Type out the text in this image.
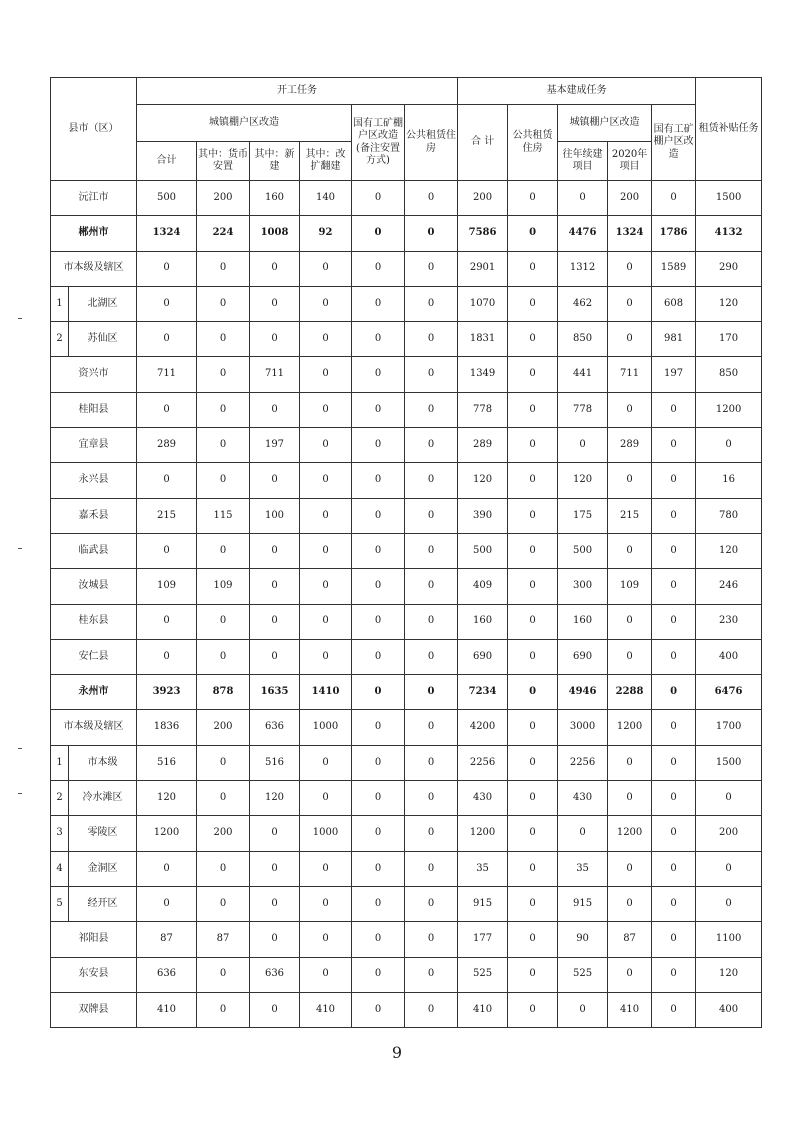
县市（区）		开工任务						基本建成任务					租赁补贴任务
		城镇棚户区改造				国有工矿棚户区改造(备注安置方式)	公共租赁住房	合 计	公共租赁住房	城镇棚户区改造		国有工矿棚户区改造	
		合计	其中：货币安置	其中：新 建	其中：改扩翻建					往年续建项目	2020年项目		
沅江市		500	200	160	140	0	0	200	0	0	200	0	1500
郴州市		1324	224	1008	92	0	0	7586	0	4476	1324	1786	4132
市本级及辖区		0	0	0	0	0	0	2901	0	1312	0	1589	290
1	北湖区	0	0	0	0	0	0	1070	0	462	0	608	120
2	苏仙区	0	0	0	0	0	0	1831	0	850	0	981	170
资兴市		711	0	711	0	0	0	1349	0	441	711	197	850
桂阳县		0	0	0	0	0	0	778	0	778	0	0	1200
宜章县		289	0	197	0	0	0	289	0	0	289	0	0
永兴县		0	0	0	0	0	0	120	0	120	0	0	16
嘉禾县		215	115	100	0	0	0	390	0	175	215	0	780
临武县		0	0	0	0	0	0	500	0	500	0	0	120
汝城县		109	109	0	0	0	0	409	0	300	109	0	246
桂东县		0	0	0	0	0	0	160	0	160	0	0	230
安仁县		0	0	0	0	0	0	690	0	690	0	0	400
永州市		3923	878	1635	1410	0	0	7234	0	4946	2288	0	6476
市本级及辖区		1836	200	636	1000	0	0	4200	0	3000	1200	0	1700
1	市本级	516	0	516	0	0	0	2256	0	2256	0	0	1500
2	冷水滩区	120	0	120	0	0	0	430	0	430	0	0	0
3	零陵区	1200	200	0	1000	0	0	1200	0	0	1200	0	200
4	金洞区	0	0	0	0	0	0	35	0	35	0	0	0
5	经开区	0	0	0	0	0	0	915	0	915	0	0	0
祁阳县		87	87	0	0	0	0	177	0	90	87	0	1100
东安县		636	0	636	0	0	0	525	0	525	0	0	120
双牌县		410	0	0	410	0	0	410	0	0	410	0	400
9
